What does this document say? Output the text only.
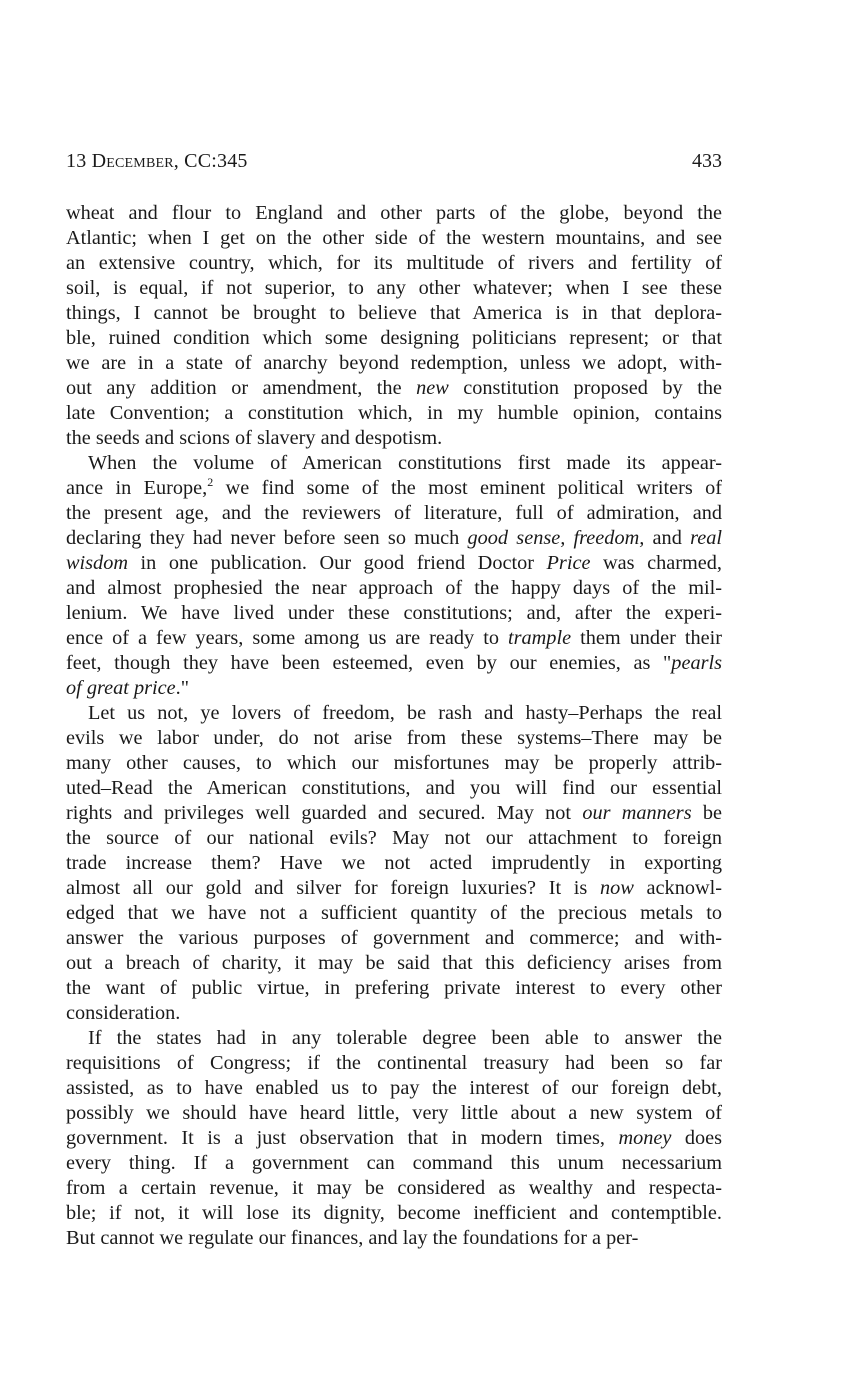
13 December, CC:345	433
wheat and flour to England and other parts of the globe, beyond the
Atlantic; when I get on the other side of the western mountains, and see
an extensive country, which, for its multitude of rivers and fertility of
soil, is equal, if not superior, to any other whatever; when I see these
things, I cannot be brought to believe that America is in that deplora-
ble, ruined condition which some designing politicians represent; or that
we are in a state of anarchy beyond redemption, unless we adopt, with-
out any addition or amendment, the new constitution proposed by the
late Convention; a constitution which, in my humble opinion, contains
the seeds and scions of slavery and despotism.
When the volume of American constitutions first made its appear-
ance in Europe,$^2$ we find some of the most eminent political writers of
the present age, and the reviewers of literature, full of admiration, and
declaring they had never before seen so much good sense, freedom, and real
wisdom in one publication. Our good friend Doctor Price was charmed,
and almost prophesied the near approach of the happy days of the mil-
lenium. We have lived under these constitutions; and, after the experi-
ence of a few years, some among us are ready to trample them under their
feet, though they have been esteemed, even by our enemies, as "pearls
of great price."
Let us not, ye lovers of freedom, be rash and hasty–Perhaps the real
evils we labor under, do not arise from these systems–There may be
many other causes, to which our misfortunes may be properly attrib-
uted–Read the American constitutions, and you will find our essential
rights and privileges well guarded and secured. May not our manners be
the source of our national evils? May not our attachment to foreign
trade increase them? Have we not acted imprudently in exporting
almost all our gold and silver for foreign luxuries? It is now acknowl-
edged that we have not a sufficient quantity of the precious metals to
answer the various purposes of government and commerce; and with-
out a breach of charity, it may be said that this deficiency arises from
the want of public virtue, in prefering private interest to every other
consideration.
If the states had in any tolerable degree been able to answer the
requisitions of Congress; if the continental treasury had been so far
assisted, as to have enabled us to pay the interest of our foreign debt,
possibly we should have heard little, very little about a new system of
government. It is a just observation that in modern times, money does
every thing. If a government can command this unum necessarium
from a certain revenue, it may be considered as wealthy and respecta-
ble; if not, it will lose its dignity, become inefficient and contemptible.
But cannot we regulate our finances, and lay the foundations for a per-
